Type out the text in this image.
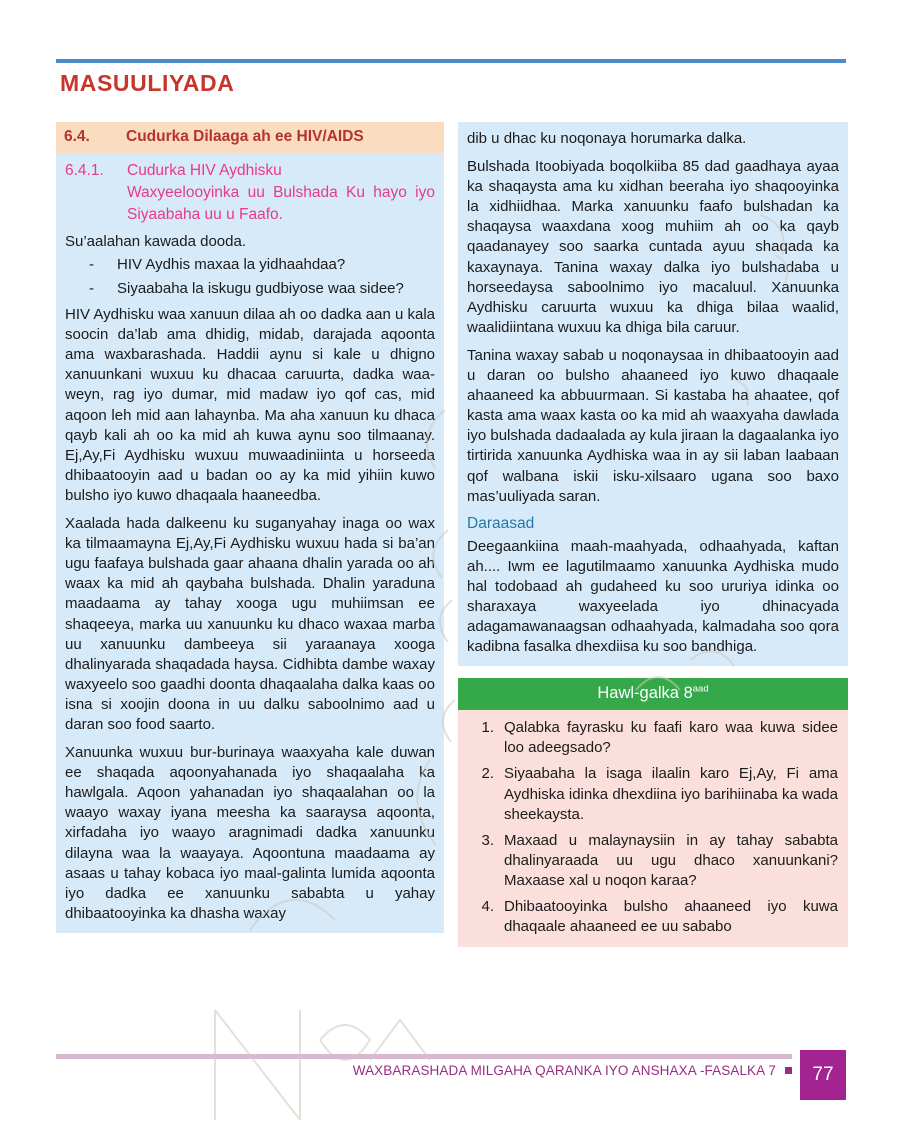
MASUULIYADA
6.4.	Cudurka Dilaaga ah ee HIV/AIDS
6.4.1.	Cudurka HIV Aydhisku
Waxyeelooyinka uu Bulshada Ku hayo iyo Siyaabaha uu u Faafo.

Su’aalahan kawada dooda.

- HIV Aydhis maxaa la yidhaahdaa?
- Siyaabaha la iskugu gudbiyose waa sidee?

HIV Aydhisku waa xanuun dilaa ah oo dadka aan u kala soocin da’lab ama dhidig, midab, darajada aqoonta ama waxbarashada. Haddii aynu si kale u dhigno xanuunkani wuxuu ku dhacaa caruurta, dadka waa-weyn, rag iyo dumar, mid madaw iyo qof cas, mid aqoon leh mid aan lahaynba. Ma aha xanuun ku dhaca qayb kali ah oo ka mid ah kuwa aynu soo tilmaanay. Ej,Ay,Fi Aydhisku wuxuu muwaadiniinta u horseeda dhibaatooyin aad u badan oo ay ka mid yihiin kuwo bulsho iyo kuwo dhaqaala haaneedba.

Xaalada hada dalkeenu ku suganyahay inaga oo wax ka tilmaamayna Ej,Ay,Fi Aydhisku wuxuu hada si ba’an ugu faafaya bulshada gaar ahaana dhalin yarada oo ah waax ka mid ah qaybaha bulshada. Dhalin yaraduna maadaama ay tahay xooga ugu muhiimsan ee shaqeeya, marka uu xanuunku ku dhaco waxaa marba uu xanuunku dambeeya sii yaraanaya xooga dhalinyarada shaqadada haysa. Cidhibta dambe waxay waxyeelo soo gaadhi doonta dhaqaalaha dalka kaas oo isna si xoojin doona in uu dalku saboolnimo aad u daran soo food saarto.

Xanuunka wuxuu bur-burinaya waaxyaha kale duwan ee shaqada aqoonyahanada iyo shaqaalaha ka hawlgala. Aqoon yahanadan iyo shaqaalahan oo la waayo waxay iyana meesha ka saaraysa aqoonta, xirfadaha iyo waayo aragnimadi dadka xanuunku dilayna waa la waayaya. Aqoontuna maadaama ay asaas u tahay kobaca iyo maal-galinta lumida aqoonta iyo dadka ee xanuunku sababta u yahay dhibaatooyinka ka dhasha waxay

dib u dhac ku noqonaya horumarka dalka.

Bulshada Itoobiyada boqolkiiba 85 dad gaadhaya ayaa ka shaqaysta ama ku xidhan beeraha iyo shaqooyinka la xidhiidhaa. Marka xanuunku faafo bulshadan ka shaqaysa waaxdana xoog muhiim ah oo ka qayb qaadanayey soo saarka cuntada ayuu shaqada ka kaxaynaya. Tanina waxay dalka iyo bulshadaba u horseedaysa saboolnimo iyo macaluul. Xanuunka Aydhisku caruurta wuxuu ka dhiga bilaa waalid, waalidiintana wuxuu ka dhiga bila caruur.

Tanina waxay sabab u noqonaysaa in dhibaatooyin aad u daran oo bulsho ahaaneed iyo kuwo dhaqaale ahaaneed ka abbuurmaan. Si kastaba ha ahaatee, qof kasta ama waax kasta oo ka mid ah waaxyaha dawlada iyo bulshada dadaalada ay kula jiraan la dagaalanka iyo tirtirida xanuunka Aydhiska waa in ay sii laban laabaan qof walbana iskii isku-xilsaaro ugana soo baxo mas’uuliyada saran.

Daraasad

Deegaankiina maah-maahyada, odhaahyada, kaftan ah.... Iwm ee lagutilmaamo xanuunka Aydhiska mudo hal todobaad ah gudaheed ku soo ururiya idinka oo sharaxaya waxyeelada iyo dhinacyada adagamawanaagsan odhaahyada, kalmadaha soo qora kadibna fasalka dhexdiisa ku soo bandhiga.

Hawl-galka $8^{aad}$
1. Qalabka fayrasku ku faafi karo waa kuwa sidee loo adeegsado?
2. Siyaabaha la isaga ilaalin karo Ej,Ay, Fi ama Aydhiska idinka dhexdiina iyo barihiinaba ka wada sheekaysta.
3. Maxaad u malaynaysiin in ay tahay sababta dhalinyaraada uu ugu dhaco xanuunkani? Maxaase xal u noqon karaa?
4. Dhibaatooyinka bulsho ahaaneed iyo kuwa dhaqaale ahaaneed ee uu sababo
WAXBARASHADA MILGAHA QARANKA IYO ANSHAXA -FASALKA 7	77
